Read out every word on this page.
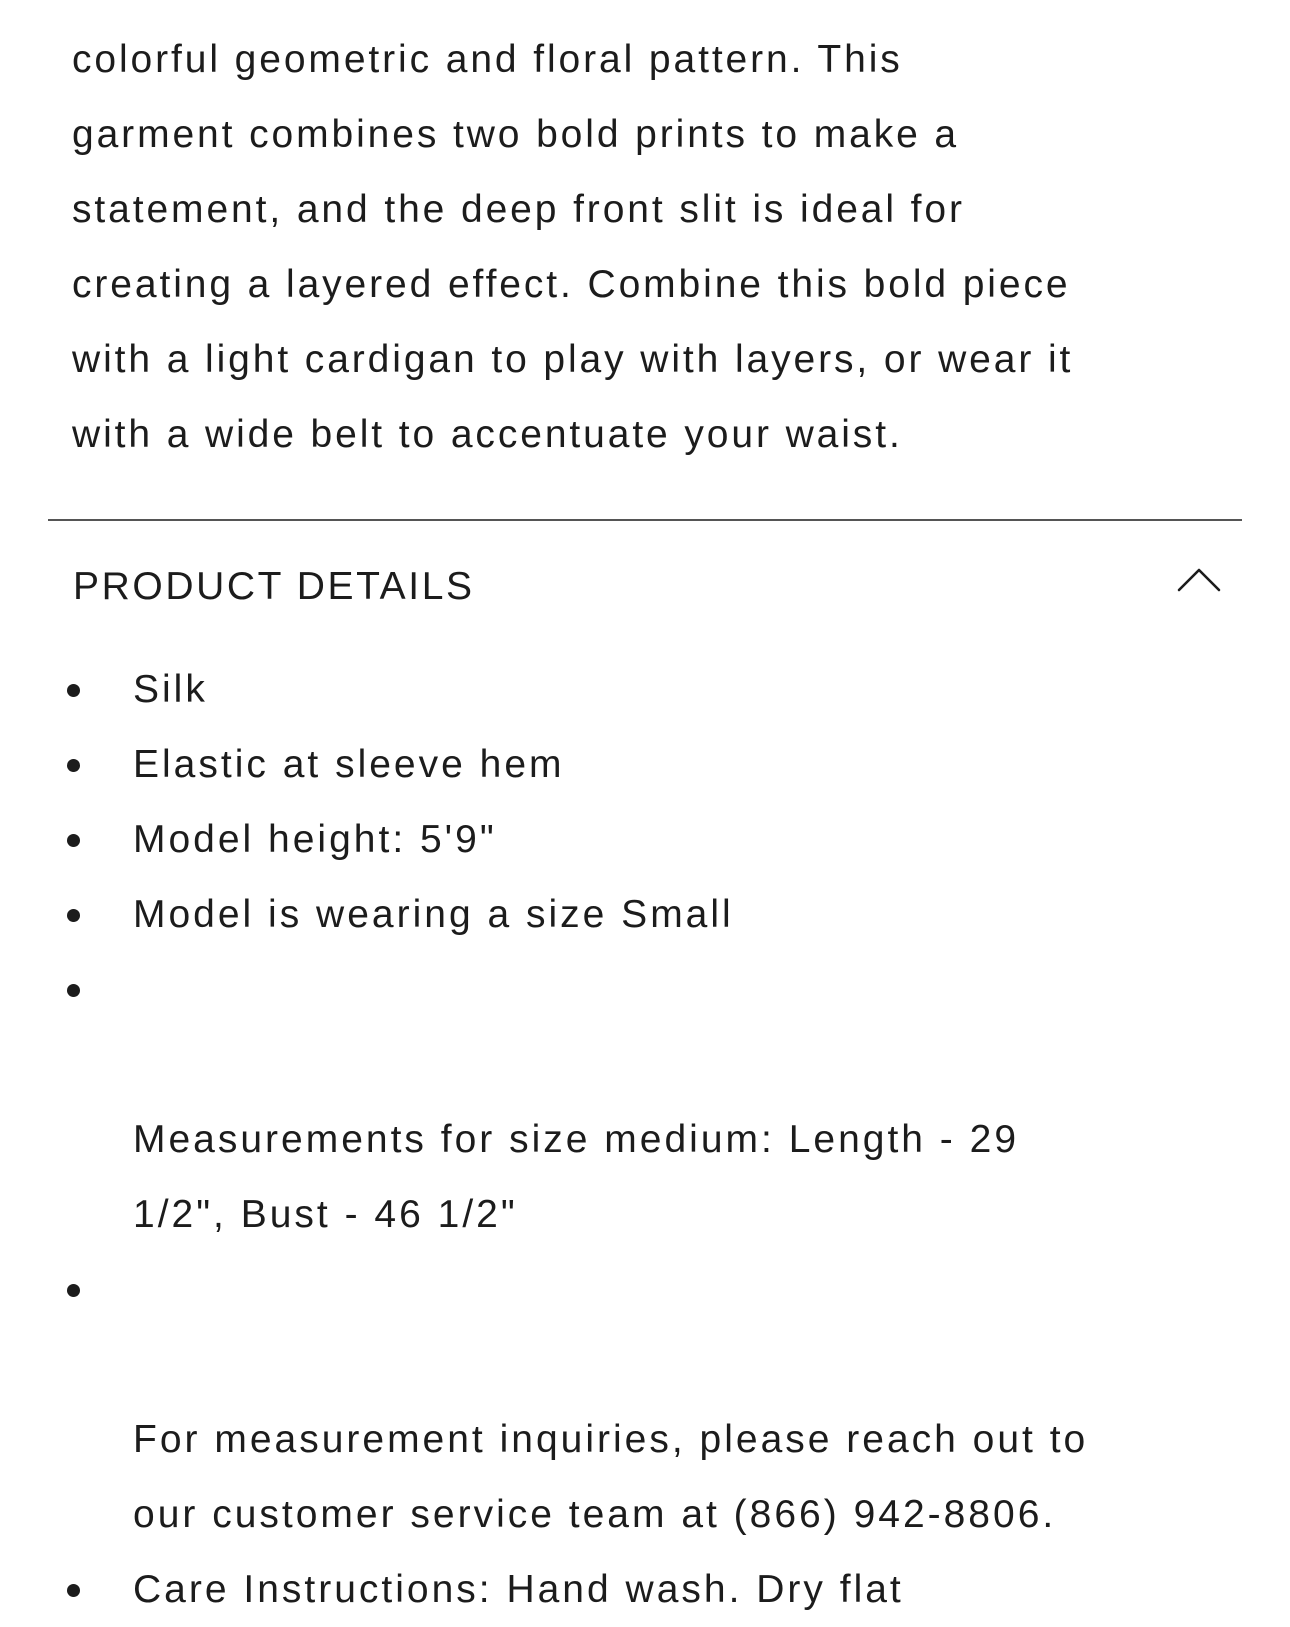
colorful geometric and floral pattern. This
garment combines two bold prints to make a
statement, and the deep front slit is ideal for
creating a layered effect. Combine this bold piece
with a light cardigan to play with layers, or wear it
with a wide belt to accentuate your waist.

PRODUCT DETAILS
Silk
Elastic at sleeve hem
Model height: 5'9"
Model is wearing a size Small

Measurements for size medium: Length - 29
1/2", Bust - 46 1/2"

For measurement inquiries, please reach out to
our customer service team at (866) 942-8806.

Care Instructions: Hand wash. Dry flat
